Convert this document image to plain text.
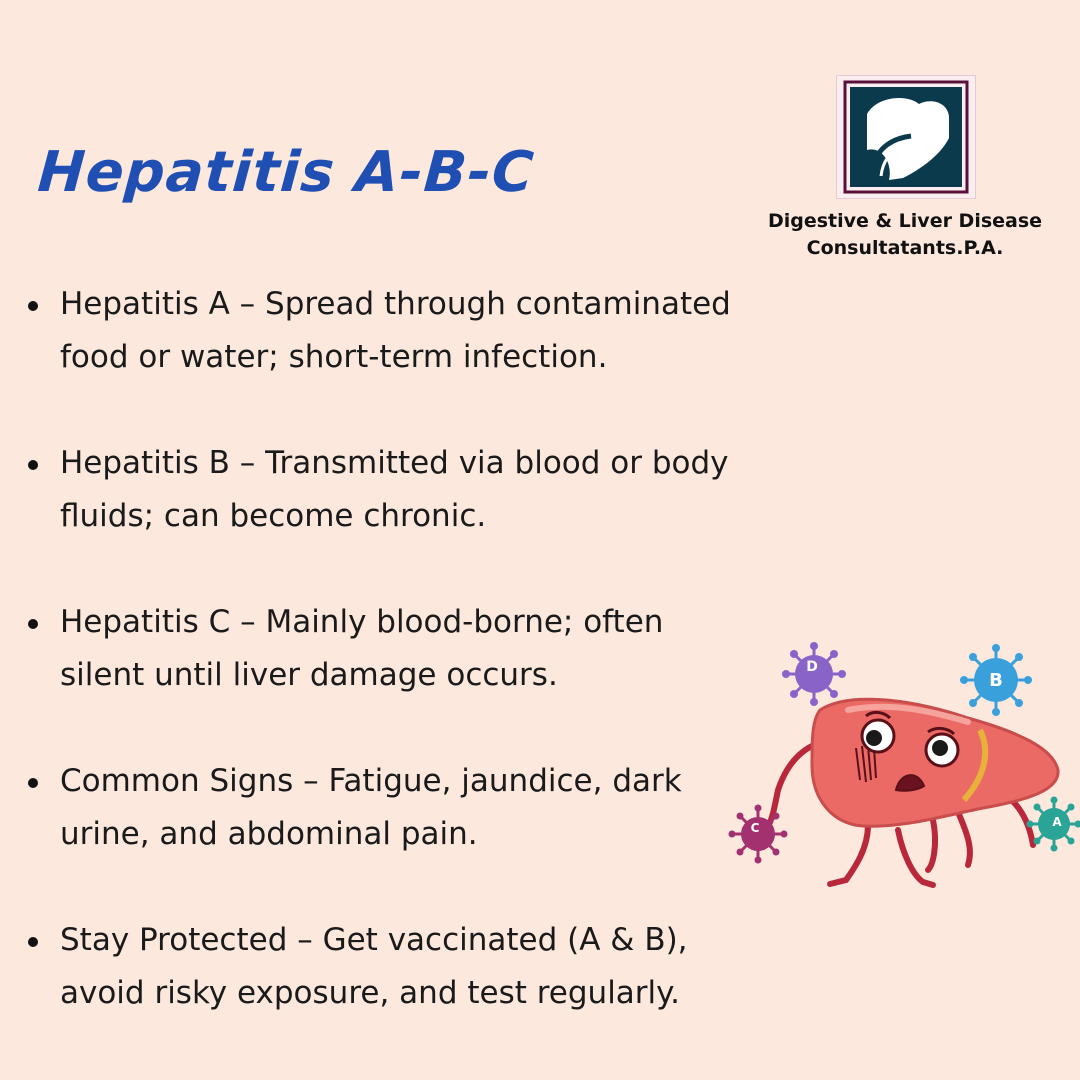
Hepatitis A-B-C
Digestive & Liver Disease
Consultatants.P.A.
Hepatitis A – Spread through contaminated
food or water; short-term infection.
Hepatitis B – Transmitted via blood or body
fluids; can become chronic.
Hepatitis C – Mainly blood-borne; often
silent until liver damage occurs.
Common Signs – Fatigue, jaundice, dark
urine, and abdominal pain.
Stay Protected – Get vaccinated (A & B),
avoid risky exposure, and test regularly.
D
B
C	A
